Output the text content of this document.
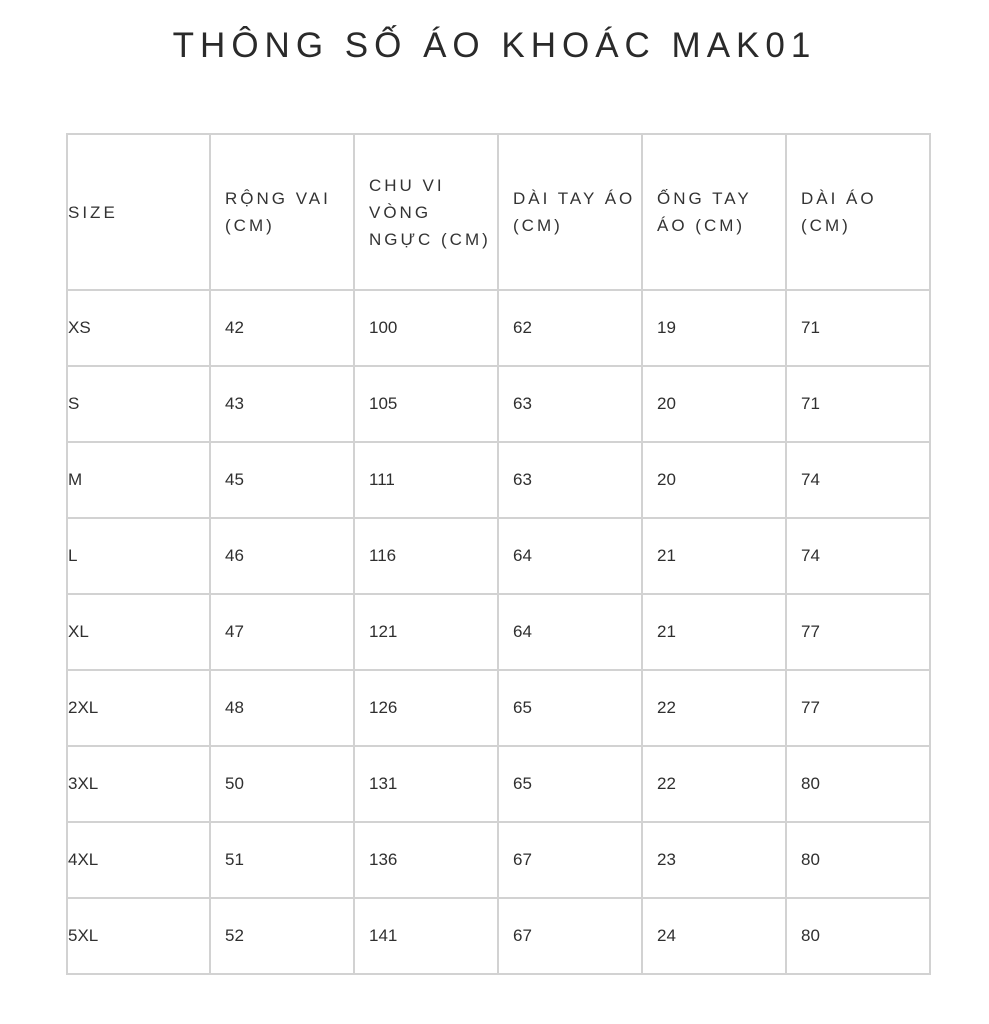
THÔNG SỐ ÁO KHOÁC MAK01
SIZE	RỘNG VAI (CM)	CHU VI VÒNG NGỰC (CM)	DÀI TAY ÁO (CM)	ỐNG TAY ÁO (CM)	DÀI ÁO (CM)
XS	42	100	62	19	71
S	43	105	63	20	71
M	45	111	63	20	74
L	46	116	64	21	74
XL	47	121	64	21	77
2XL	48	126	65	22	77
3XL	50	131	65	22	80
4XL	51	136	67	23	80
5XL	52	141	67	24	80
